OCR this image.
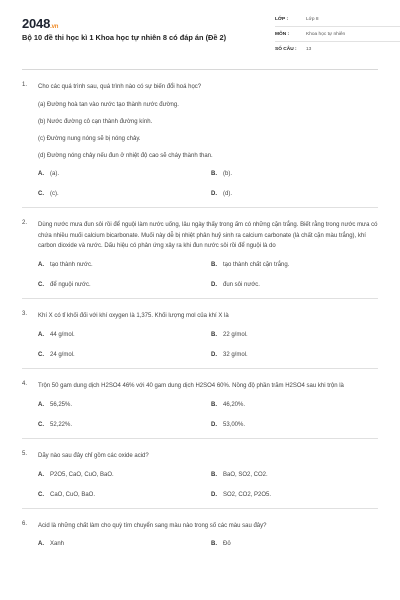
2048.vn
Bộ 10 đề thi học kì 1 Khoa học tự nhiên 8 có đáp án (Đề 2)
LỚP :	Lớp 8
MÔN :	Khoa học tự nhiên
SỐ CÂU :	13
1. Cho các quá trình sau, quá trình nào có sự biến đổi hoá học?
(a) Đường hoà tan vào nước tạo thành nước đường.
(b) Nước đường cô cạn thành đường kính.
(c) Đường nung nóng sẽ bị nóng chảy.
(d) Đường nóng chảy nếu đun ở nhiệt độ cao sẽ cháy thành than.
A.	(a).	B.	(b).
C.	(c).	D.	(d).
2. Dùng nước mưa đun sôi rồi để nguội làm nước uống, lâu ngày thấy trong ấm có những cặn trắng. Biết rằng trong nước mưa có chứa nhiều muối calcium bicarbonate. Muối này dễ bị nhiệt phân huỷ sinh ra calcium carbonate (là chất cặn màu trắng), khí carbon dioxide và nước. Dấu hiệu có phản ứng xảy ra khi đun nước sôi rồi để nguội là do
A.	tạo thành nước.	B.	tạo thành chất cặn trắng.
C.	để nguội nước.	D.	đun sôi nước.
3. Khí X có tỉ khối đối với khí oxygen là 1,375. Khối lượng mol của khí X là
A.	44 g/mol.	B.	22 g/mol.
C.	24 g/mol.	D.	32 g/mol.
4. Trộn 50 gam dung dịch H2SO4 46% với 40 gam dung dịch H2SO4 60%. Nồng độ phần trăm H2SO4 sau khi trộn là
A.	56,25%.	B.	46,20%.
C.	52,22%.	D.	53,00%.
5. Dãy nào sau đây chỉ gồm các oxide acid?
A.	P2O5, CaO, CuO, BaO.	B.	BaO, SO2, CO2.
C.	CaO, CuO, BaO.	D.	SO2, CO2, P2O5.
6. Acid là những chất làm cho quỳ tím chuyển sang màu nào trong số các màu sau đây?
A.	Xanh	B.	Đỏ
